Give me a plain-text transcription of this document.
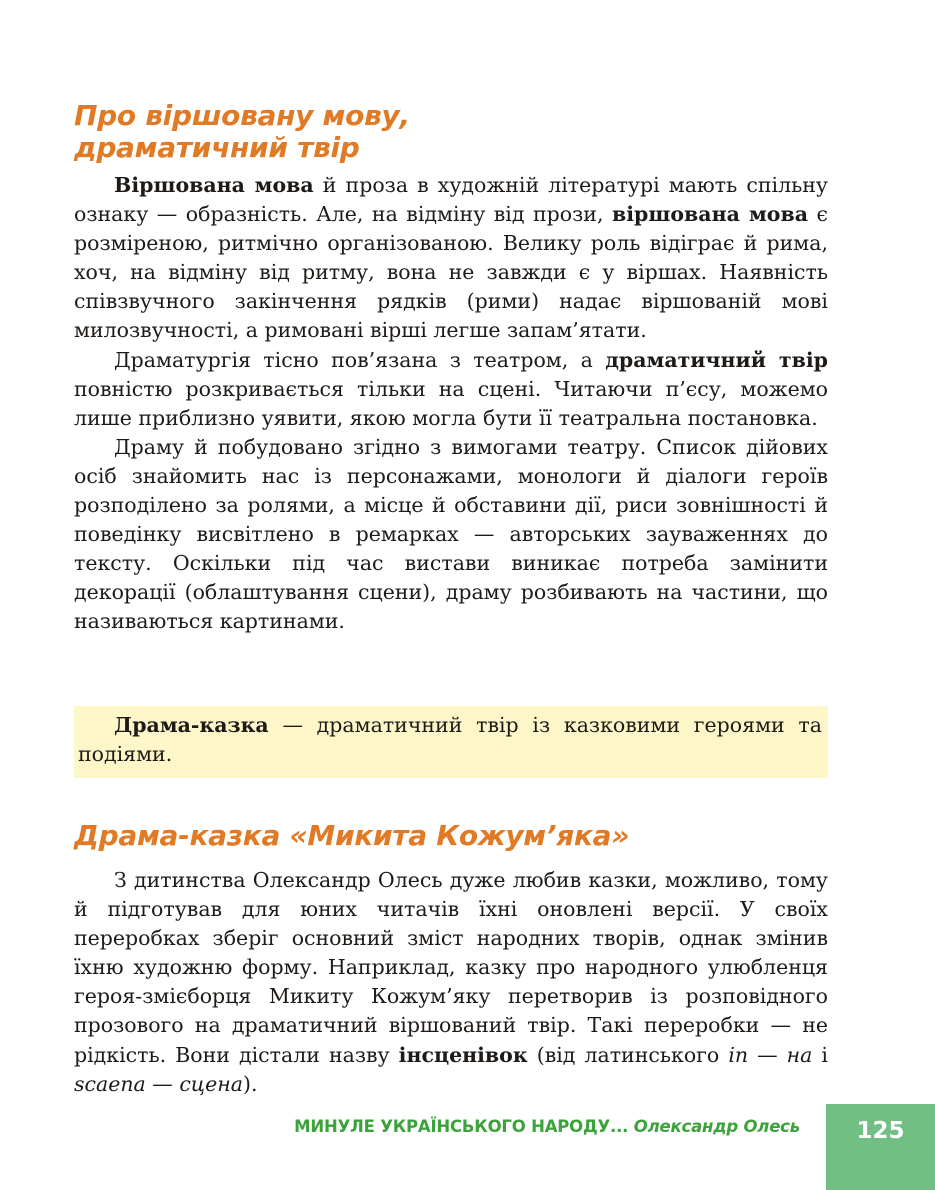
Про віршовану мову,
драматичний твір

Віршована мова й проза в художній літературі мають спільну ознаку — образність. Але, на відміну від прози, віршована мова є розміреною, ритмічно організованою. Велику роль відіграє й рима, хоч, на відміну від ритму, вона не завжди є у віршах. Наявність співзвучного закінчення рядків (рими) надає віршованій мові милозвучності, а римовані вірші легше запам’ятати.

Драматургія тісно пов’язана з театром, а драматичний твір повністю розкривається тільки на сцені. Читаючи п’єсу, можемо лише приблизно уявити, якою могла бути її театральна постановка.

Драму й побудовано згідно з вимогами театру. Список дійових осіб знайомить нас із персонажами, монологи й діалоги героїв розподілено за ролями, а місце й обставини дії, риси зовнішності й поведінку висвітлено в ремарках — авторських зауваженнях до тексту. Оскільки під час вистави виникає потреба замінити декорації (облаштування сцени), драму розбивають на частини, що називаються картинами.

Драма-казка — драматичний твір із казковими героями та подіями.

Драма-казка «Микита Кожум’яка»

З дитинства Олександр Олесь дуже любив казки, можливо, тому й підготував для юних читачів їхні оновлені версії. У своїх переробках зберіг основний зміст народних творів, однак змінив їхню художню форму. Наприклад, казку про народного улюбленця героя-змієборця Микиту Кожум’яку перетворив із розповідного прозового на драматичний віршований твір. Такі переробки — не рідкість. Вони дістали назву інсценівок (від латинського in — на і scaena — сцена).

МИНУЛЕ УКРАЇНСЬКОГО НАРОДУ... Олександр Олесь	125
